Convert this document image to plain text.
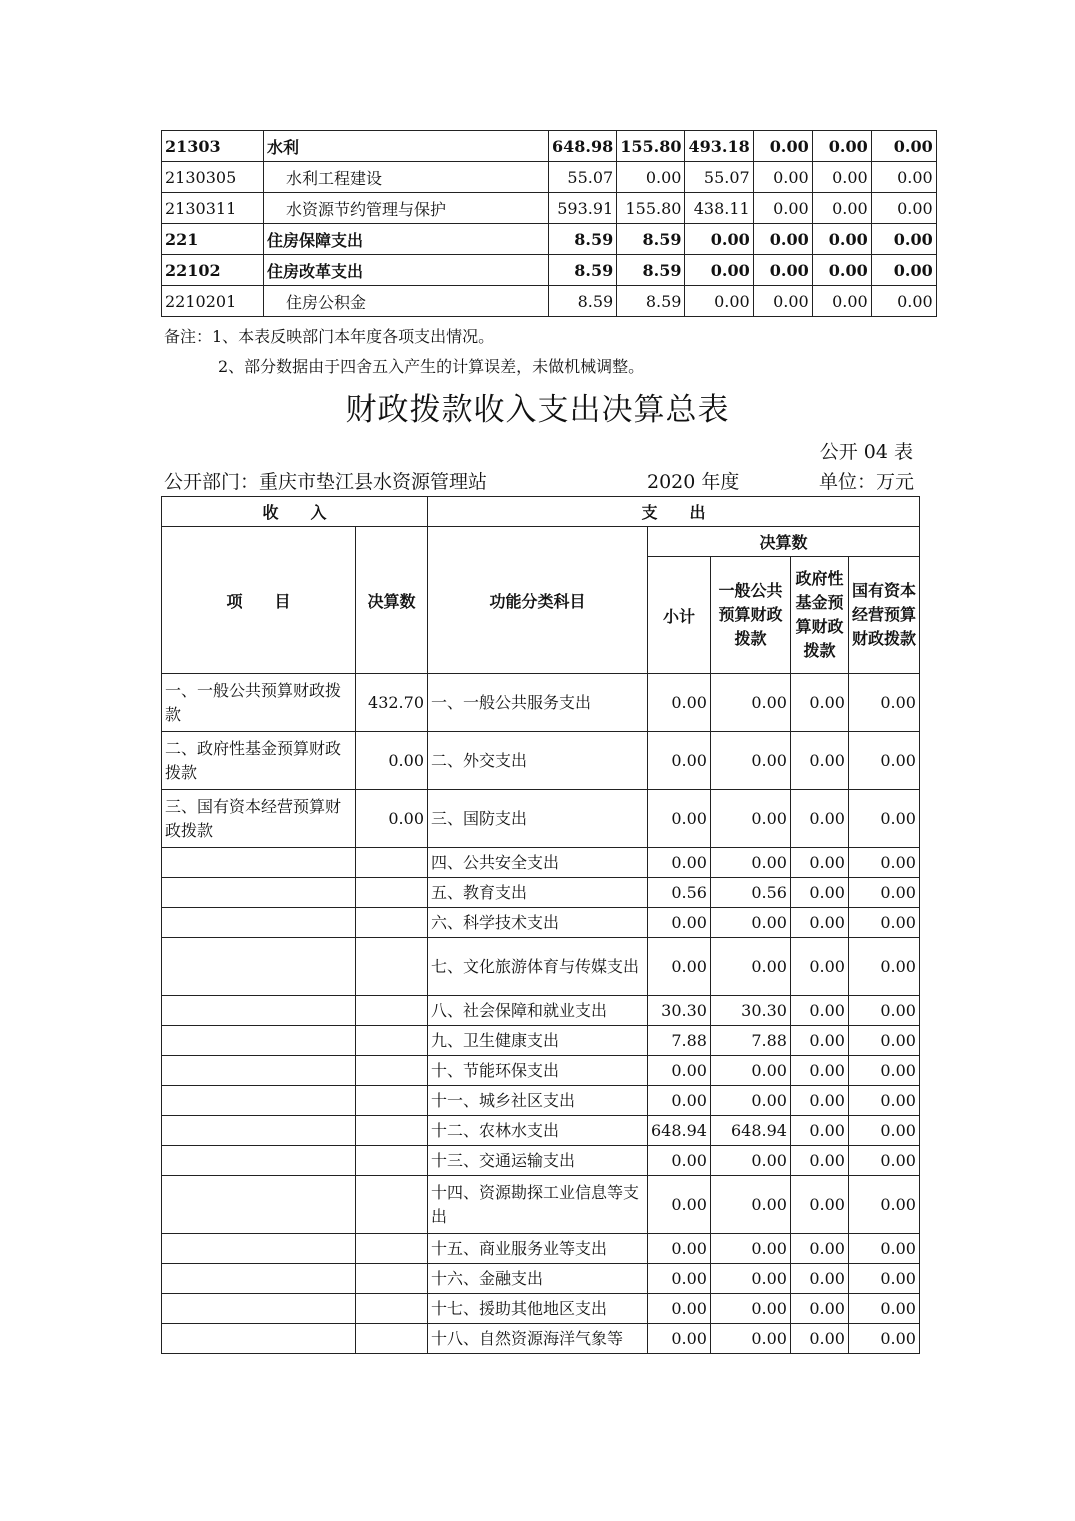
21303	水利	648.98	155.80	493.18	0.00	0.00	0.00
2130305	水利工程建设	55.07	0.00	55.07	0.00	0.00	0.00
2130311	水资源节约管理与保护	593.91	155.80	438.11	0.00	0.00	0.00
221	住房保障支出	8.59	8.59	0.00	0.00	0.00	0.00
22102	住房改革支出	8.59	8.59	0.00	0.00	0.00	0.00
2210201	住房公积金	8.59	8.59	0.00	0.00	0.00	0.00
备注：1、本表反映部门本年度各项支出情况。
2、部分数据由于四舍五入产生的计算误差，未做机械调整。
财政拨款收入支出决算总表
公开 04 表
公开部门：重庆市垫江县水资源管理站	2020 年度	单位：万元
收　　入		支　　出				
项　　目	决算数	功能分类科目	决算数			
			小计	一般公共预算财政拨款	政府性基金预算财政拨款	国有资本经营预算财政拨款
一、一般公共预算财政拨款	432.70	一、一般公共服务支出	0.00	0.00	0.00	0.00
二、政府性基金预算财政拨款	0.00	二、外交支出	0.00	0.00	0.00	0.00
三、国有资本经营预算财政拨款	0.00	三、国防支出	0.00	0.00	0.00	0.00
		四、公共安全支出	0.00	0.00	0.00	0.00
		五、教育支出	0.56	0.56	0.00	0.00
		六、科学技术支出	0.00	0.00	0.00	0.00
		七、文化旅游体育与传媒支出	0.00	0.00	0.00	0.00
		八、社会保障和就业支出	30.30	30.30	0.00	0.00
		九、卫生健康支出	7.88	7.88	0.00	0.00
		十、节能环保支出	0.00	0.00	0.00	0.00
		十一、城乡社区支出	0.00	0.00	0.00	0.00
		十二、农林水支出	648.94	648.94	0.00	0.00
		十三、交通运输支出	0.00	0.00	0.00	0.00
		十四、资源勘探工业信息等支出	0.00	0.00	0.00	0.00
		十五、商业服务业等支出	0.00	0.00	0.00	0.00
		十六、金融支出	0.00	0.00	0.00	0.00
		十七、援助其他地区支出	0.00	0.00	0.00	0.00
		十八、自然资源海洋气象等	0.00	0.00	0.00	0.00
